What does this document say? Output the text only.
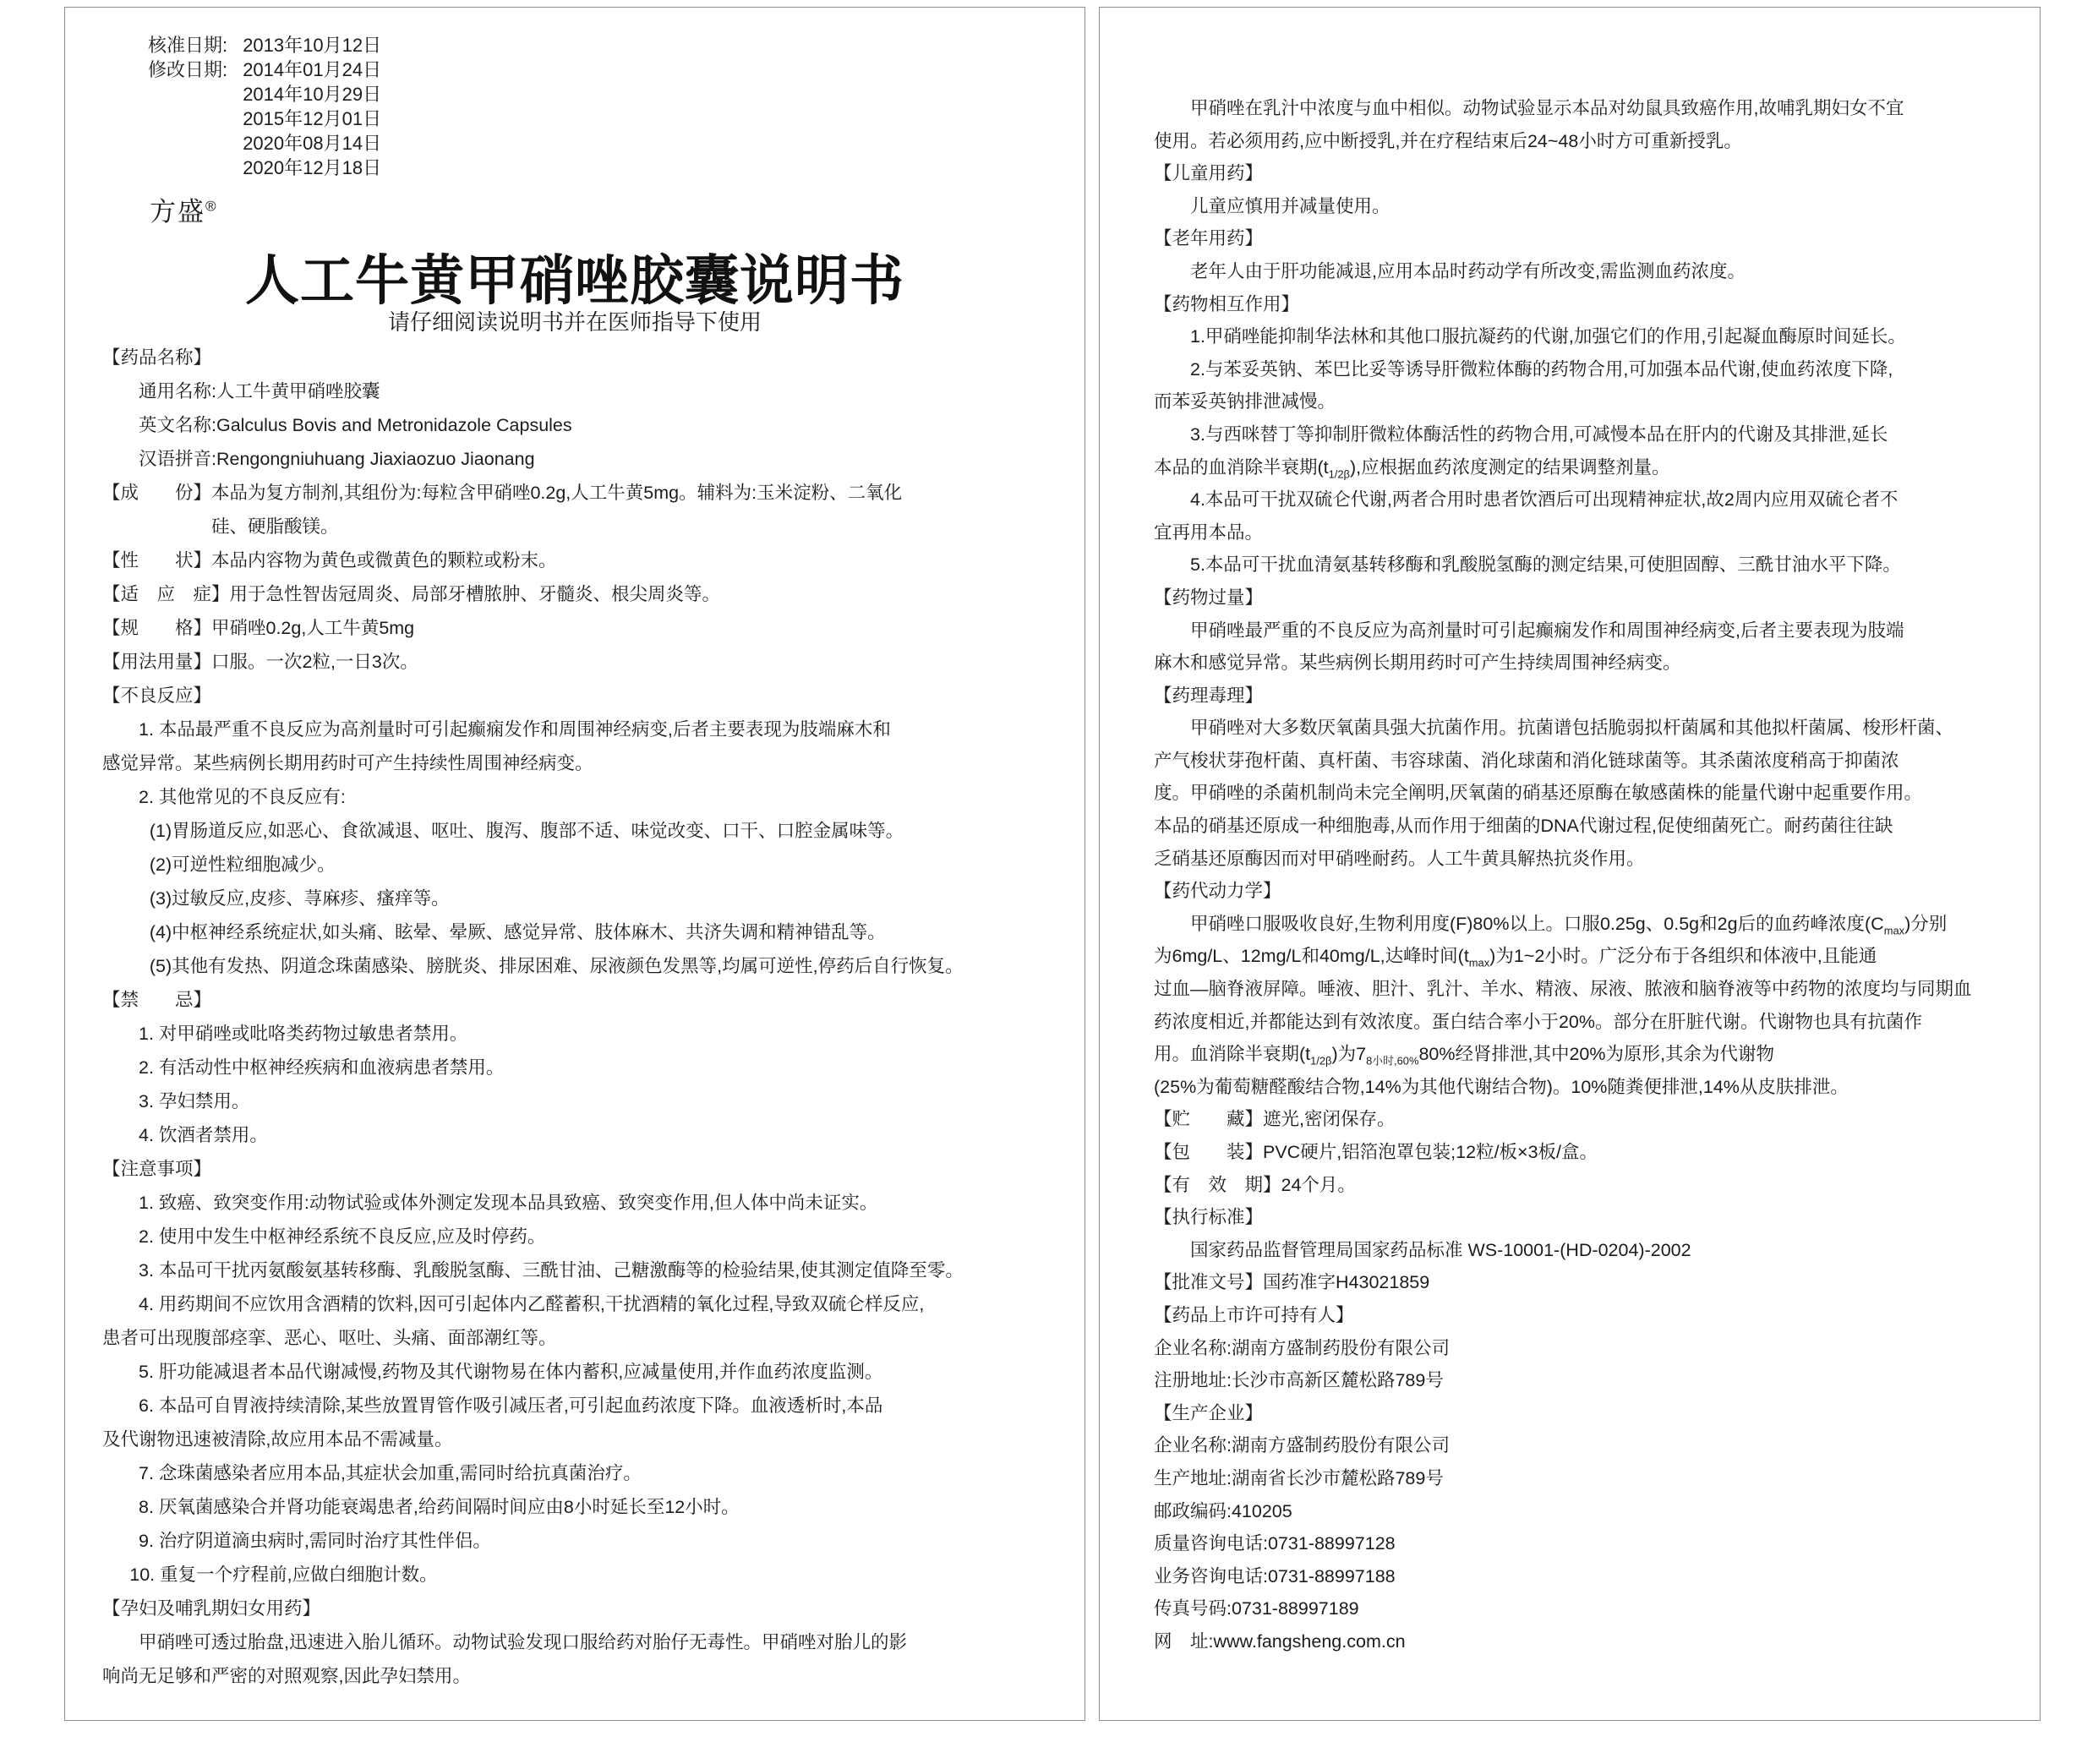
核准日期: 2013年10月12日
修改日期: 2014年01月24日
2014年10月29日
2015年12月01日
2020年08月14日
2020年12月18日
方盛®
人工牛黄甲硝唑胶囊说明书
请仔细阅读说明书并在医师指导下使用
【药品名称】
通用名称:人工牛黄甲硝唑胶囊
英文名称:Galculus Bovis and Metronidazole Capsules
汉语拼音:Rengongniuhuang Jiaxiaozuo Jiaonang
【成　　份】本品为复方制剂,其组份为:每粒含甲硝唑0.2g,人工牛黄5mg。辅料为:玉米淀粉、二氧化
硅、硬脂酸镁。
【性　　状】本品内容物为黄色或微黄色的颗粒或粉末。
【适　应　症】用于急性智齿冠周炎、局部牙槽脓肿、牙髓炎、根尖周炎等。
【规　　格】甲硝唑0.2g,人工牛黄5mg
【用法用量】口服。一次2粒,一日3次。
【不良反应】
1. 本品最严重不良反应为高剂量时可引起癫痫发作和周围神经病变,后者主要表现为肢端麻木和
感觉异常。某些病例长期用药时可产生持续性周围神经病变。
2. 其他常见的不良反应有:
(1)胃肠道反应,如恶心、食欲减退、呕吐、腹泻、腹部不适、味觉改变、口干、口腔金属味等。
(2)可逆性粒细胞减少。
(3)过敏反应,皮疹、荨麻疹、瘙痒等。
(4)中枢神经系统症状,如头痛、眩晕、晕厥、感觉异常、肢体麻木、共济失调和精神错乱等。
(5)其他有发热、阴道念珠菌感染、膀胱炎、排尿困难、尿液颜色发黑等,均属可逆性,停药后自行恢复。
【禁　　忌】
1. 对甲硝唑或吡咯类药物过敏患者禁用。
2. 有活动性中枢神经疾病和血液病患者禁用。
3. 孕妇禁用。
4. 饮酒者禁用。
【注意事项】
1. 致癌、致突变作用:动物试验或体外测定发现本品具致癌、致突变作用,但人体中尚未证实。
2. 使用中发生中枢神经系统不良反应,应及时停药。
3. 本品可干扰丙氨酸氨基转移酶、乳酸脱氢酶、三酰甘油、己糖激酶等的检验结果,使其测定值降至零。
4. 用药期间不应饮用含酒精的饮料,因可引起体内乙醛蓄积,干扰酒精的氧化过程,导致双硫仑样反应,
患者可出现腹部痉挛、恶心、呕吐、头痛、面部潮红等。
5. 肝功能减退者本品代谢减慢,药物及其代谢物易在体内蓄积,应减量使用,并作血药浓度监测。
6. 本品可自胃液持续清除,某些放置胃管作吸引减压者,可引起血药浓度下降。血液透析时,本品
及代谢物迅速被清除,故应用本品不需减量。
7. 念珠菌感染者应用本品,其症状会加重,需同时给抗真菌治疗。
8. 厌氧菌感染合并肾功能衰竭患者,给药间隔时间应由8小时延长至12小时。
9. 治疗阴道滴虫病时,需同时治疗其性伴侣。
10. 重复一个疗程前,应做白细胞计数。
【孕妇及哺乳期妇女用药】
甲硝唑可透过胎盘,迅速进入胎儿循环。动物试验发现口服给药对胎仔无毒性。甲硝唑对胎儿的影
响尚无足够和严密的对照观察,因此孕妇禁用。
甲硝唑在乳汁中浓度与血中相似。动物试验显示本品对幼鼠具致癌作用,故哺乳期妇女不宜
使用。若必须用药,应中断授乳,并在疗程结束后24~48小时方可重新授乳。
【儿童用药】
儿童应慎用并减量使用。
【老年用药】
老年人由于肝功能减退,应用本品时药动学有所改变,需监测血药浓度。
【药物相互作用】
1.甲硝唑能抑制华法林和其他口服抗凝药的代谢,加强它们的作用,引起凝血酶原时间延长。
2.与苯妥英钠、苯巴比妥等诱导肝微粒体酶的药物合用,可加强本品代谢,使血药浓度下降,
而苯妥英钠排泄减慢。
3.与西咪替丁等抑制肝微粒体酶活性的药物合用,可减慢本品在肝内的代谢及其排泄,延长
本品的血消除半衰期$(t_{1/2\beta})$,应根据血药浓度测定的结果调整剂量。
4.本品可干扰双硫仑代谢,两者合用时患者饮酒后可出现精神症状,故2周内应用双硫仑者不
宜再用本品。
5.本品可干扰血清氨基转移酶和乳酸脱氢酶的测定结果,可使胆固醇、三酰甘油水平下降。
【药物过量】
甲硝唑最严重的不良反应为高剂量时可引起癫痫发作和周围神经病变,后者主要表现为肢端
麻木和感觉异常。某些病例长期用药时可产生持续周围神经病变。
【药理毒理】
甲硝唑对大多数厌氧菌具强大抗菌作用。抗菌谱包括脆弱拟杆菌属和其他拟杆菌属、梭形杆菌、
产气梭状芽孢杆菌、真杆菌、韦容球菌、消化球菌和消化链球菌等。其杀菌浓度稍高于抑菌浓
度。甲硝唑的杀菌机制尚未完全阐明,厌氧菌的硝基还原酶在敏感菌株的能量代谢中起重要作用。
本品的硝基还原成一种细胞毒,从而作用于细菌的DNA代谢过程,促使细菌死亡。耐药菌往往缺
乏硝基还原酶因而对甲硝唑耐药。人工牛黄具解热抗炎作用。
【药代动力学】
甲硝唑口服吸收良好,生物利用度(F)80%以上。口服0.25g、0.5g和2g后的血药峰浓度$(C_{max})$分别
为6mg/L、12mg/L和40mg/L,达峰时间$(t_{max})$为1~2小时。广泛分布于各组织和体液中,且能通
过血—脑脊液屏障。唾液、胆汁、乳汁、羊水、精液、尿液、脓液和脑脊液等中药物的浓度均与同期血
药浓度相近,并都能达到有效浓度。蛋白结合率小于20%。部分在肝脏代谢。代谢物也具有抗菌作
用。血消除半衰期$(t_{1/2\beta})$为$7_{8小时,60\%}80\%$经肾排泄,其中20%为原形,其余为代谢物
(25%为葡萄糖醛酸结合物,14%为其他代谢结合物)。10%随粪便排泄,14%从皮肤排泄。
【贮　　藏】遮光,密闭保存。
【包　　装】PVC硬片,铝箔泡罩包装;12粒/板×3板/盒。
【有　效　期】24个月。
【执行标准】
国家药品监督管理局国家药品标准 WS-10001-(HD-0204)-2002
【批准文号】国药准字H43021859
【药品上市许可持有人】
企业名称:湖南方盛制药股份有限公司
注册地址:长沙市高新区麓松路789号
【生产企业】
企业名称:湖南方盛制药股份有限公司
生产地址:湖南省长沙市麓松路789号
邮政编码:410205
质量咨询电话:0731-88997128
业务咨询电话:0731-88997188
传真号码:0731-88997189
网　址:www.fangsheng.com.cn
